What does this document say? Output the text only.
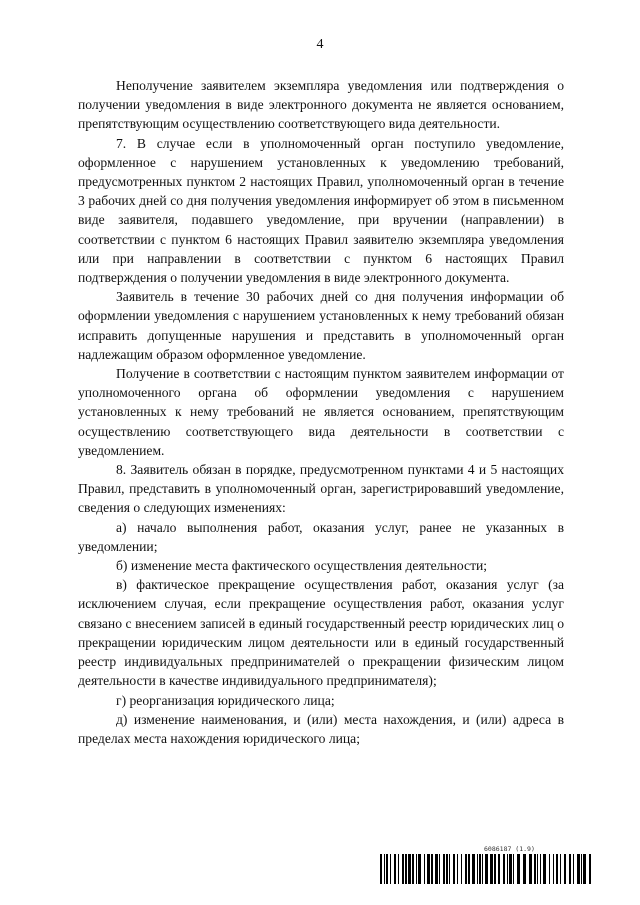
4

Неполучение заявителем экземпляра уведомления или подтверждения о получении уведомления в виде электронного документа не является основанием, препятствующим осуществлению соответствующего вида деятельности.

7. В случае если в уполномоченный орган поступило уведомление, оформленное с нарушением установленных к уведомлению требований, предусмотренных пунктом 2 настоящих Правил, уполномоченный орган в течение 3 рабочих дней со дня получения уведомления информирует об этом в письменном виде заявителя, подавшего уведомление, при вручении (направлении) в соответствии с пунктом 6 настоящих Правил заявителю экземпляра уведомления или при направлении в соответствии с пунктом 6 настоящих Правил подтверждения о получении уведомления в виде электронного документа.

Заявитель в течение 30 рабочих дней со дня получения информации об оформлении уведомления с нарушением установленных к нему требований обязан исправить допущенные нарушения и представить в уполномоченный орган надлежащим образом оформленное уведомление.

Получение в соответствии с настоящим пунктом заявителем информации от уполномоченного органа об оформлении уведомления с нарушением установленных к нему требований не является основанием, препятствующим осуществлению соответствующего вида деятельности в соответствии с уведомлением.

8. Заявитель обязан в порядке, предусмотренном пунктами 4 и 5 настоящих Правил, представить в уполномоченный орган, зарегистрировавший уведомление, сведения о следующих изменениях:

а) начало выполнения работ, оказания услуг, ранее не указанных в уведомлении;

б) изменение места фактического осуществления деятельности;

в) фактическое прекращение осуществления работ, оказания услуг (за исключением случая, если прекращение осуществления работ, оказания услуг связано с внесением записей в единый государственный реестр юридических лиц о прекращении юридическим лицом деятельности или в единый государственный реестр индивидуальных предпринимателей о прекращении физическим лицом деятельности в качестве индивидуального предпринимателя);

г) реорганизация юридического лица;

д) изменение наименования, и (или) места нахождения, и (или) адреса в пределах места нахождения юридического лица;

6086187 (1.9)
